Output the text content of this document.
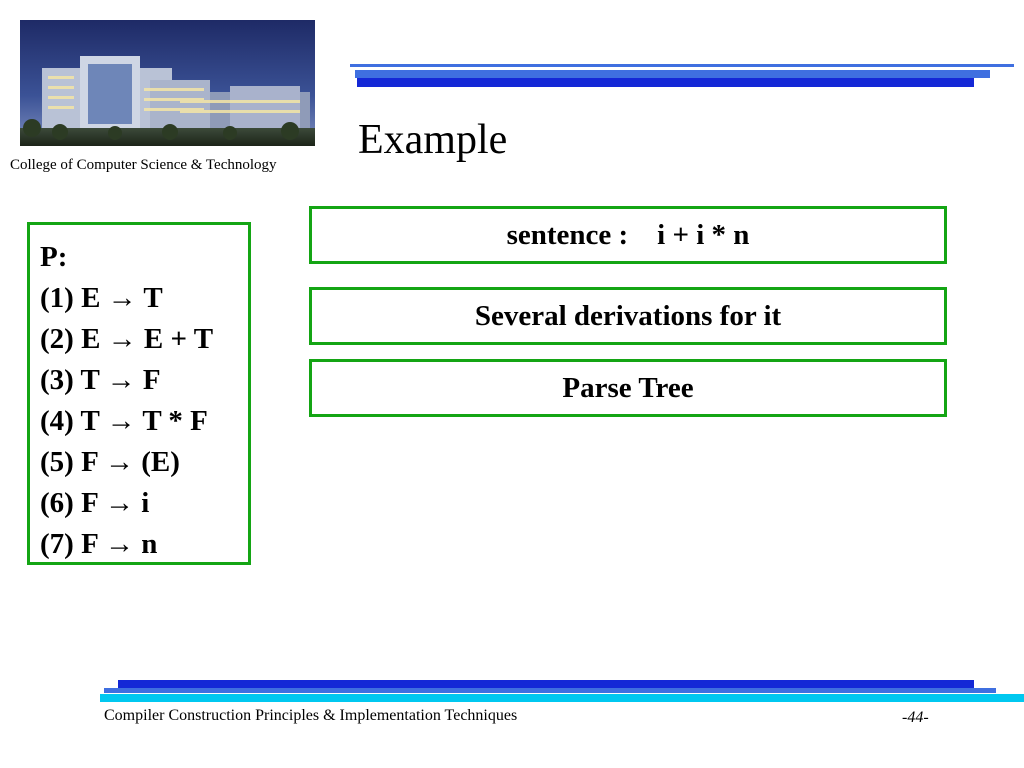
College of Computer Science & Technology
Example
P:
(1) E → T
(2) E → E + T
(3) T → F
(4) T → T * F
(5) F → (E)
(6) F → i
(7) F → n
sentence :    i + i * n
Several derivations for it
Parse Tree
Compiler Construction Principles & Implementation Techniques	-44-
